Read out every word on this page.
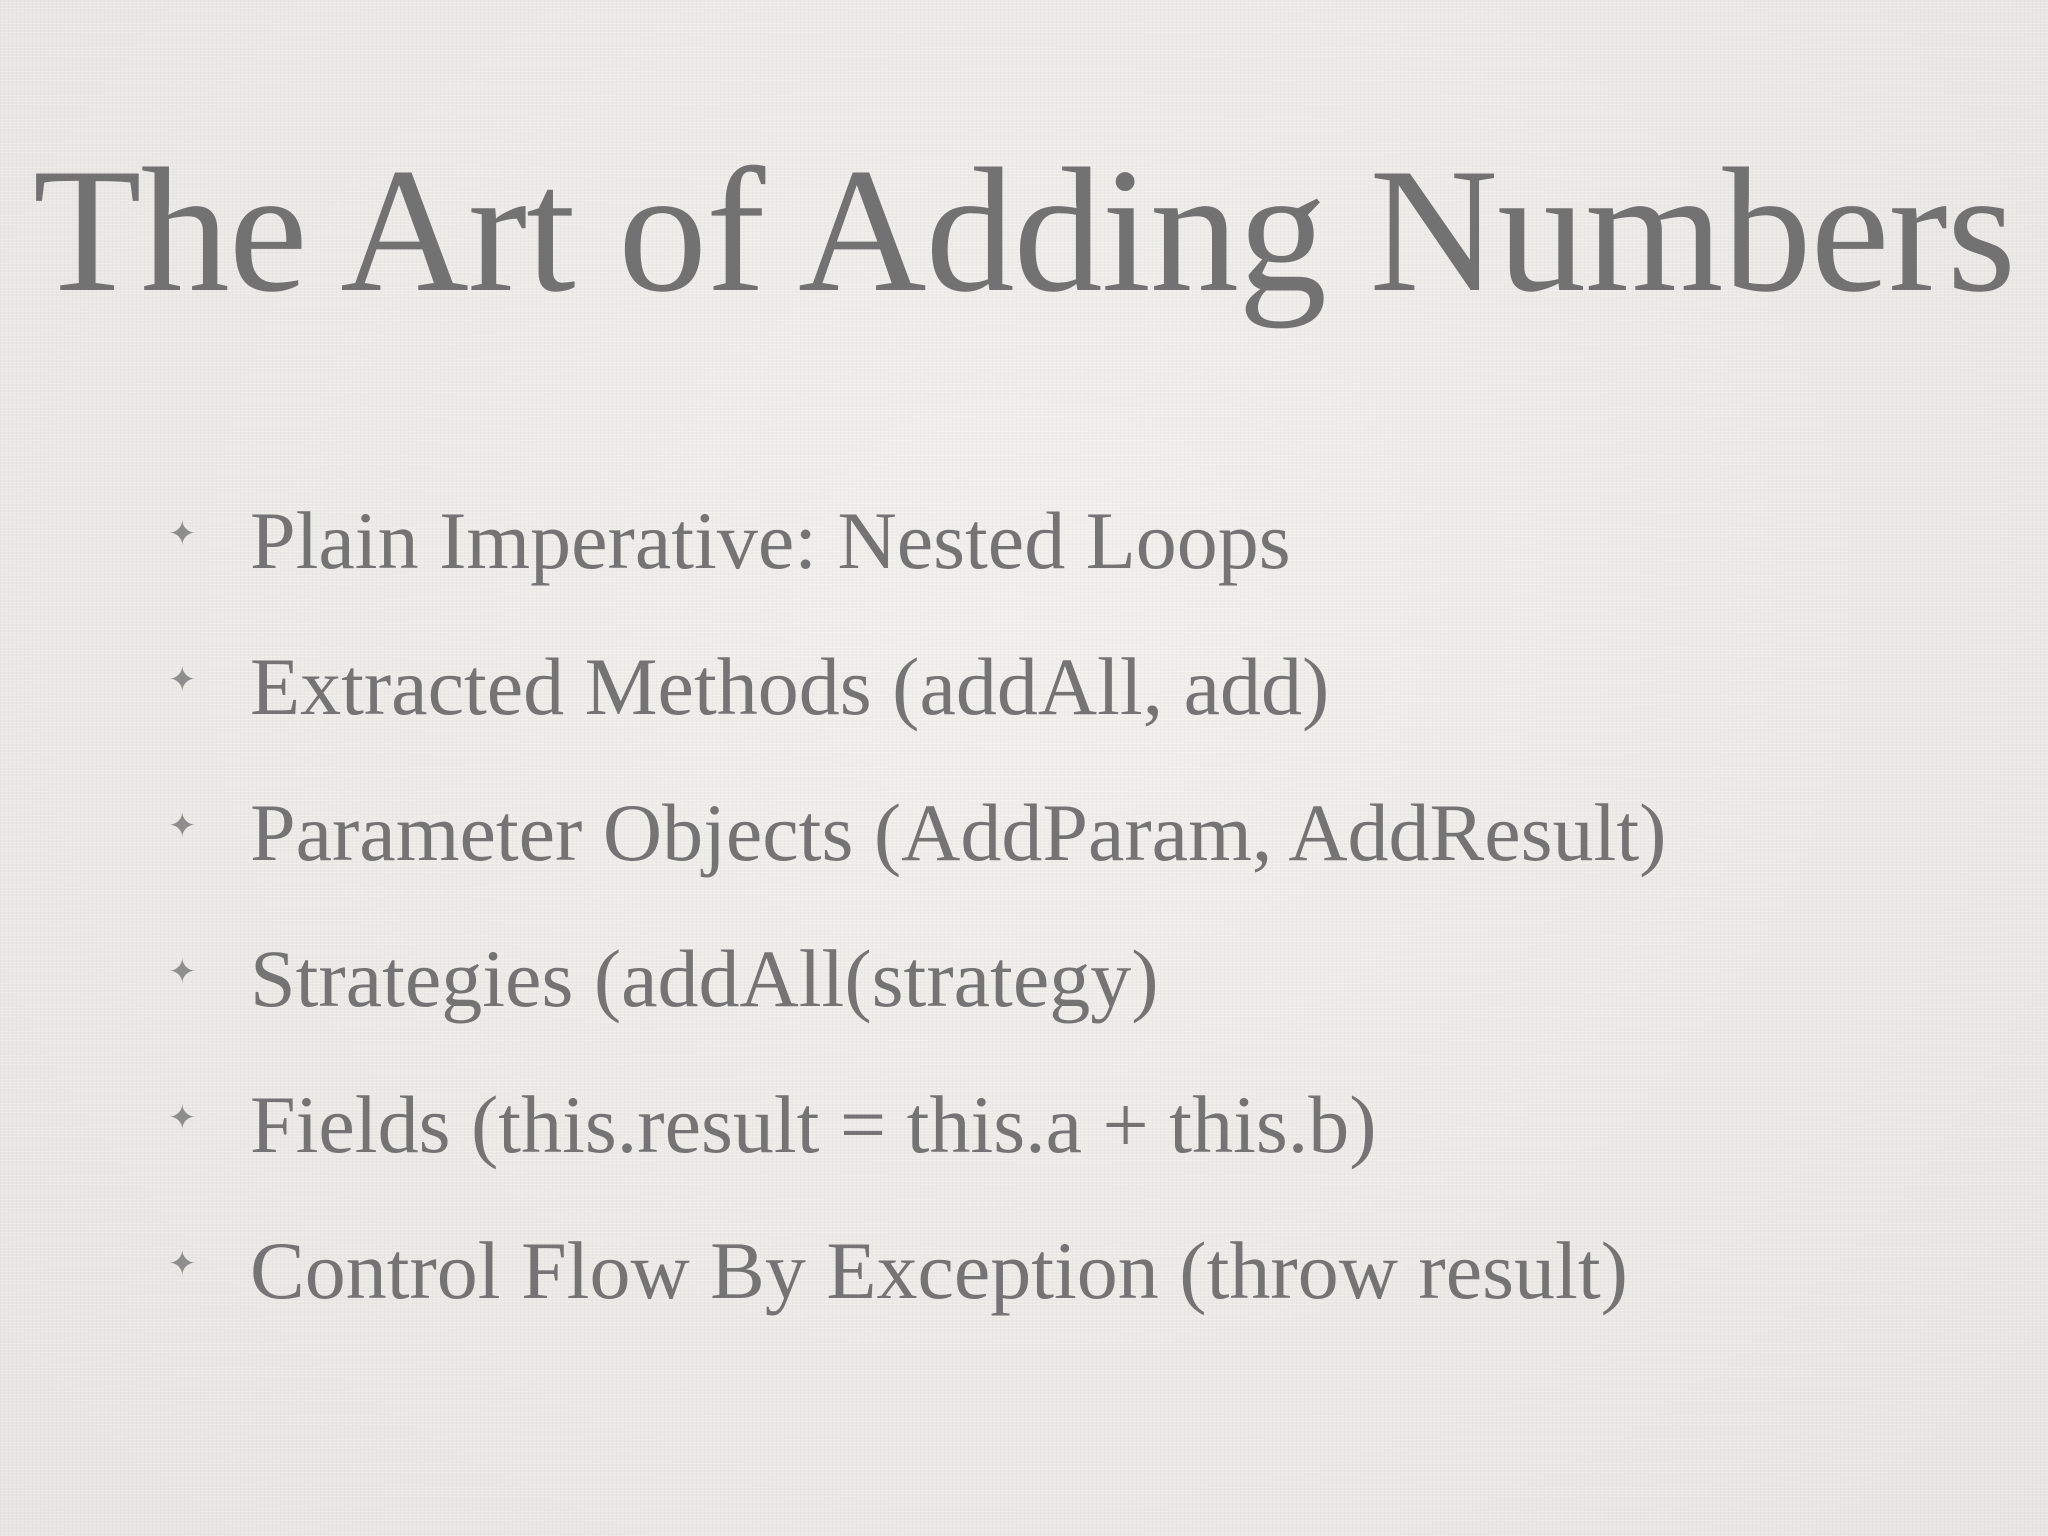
The Art of Adding Numbers
✦ Plain Imperative: Nested Loops
✦ Extracted Methods (addAll, add)
✦ Parameter Objects (AddParam, AddResult)
✦ Strategies (addAll(strategy)
✦ Fields (this.result = this.a + this.b)
✦ Control Flow By Exception (throw result)
